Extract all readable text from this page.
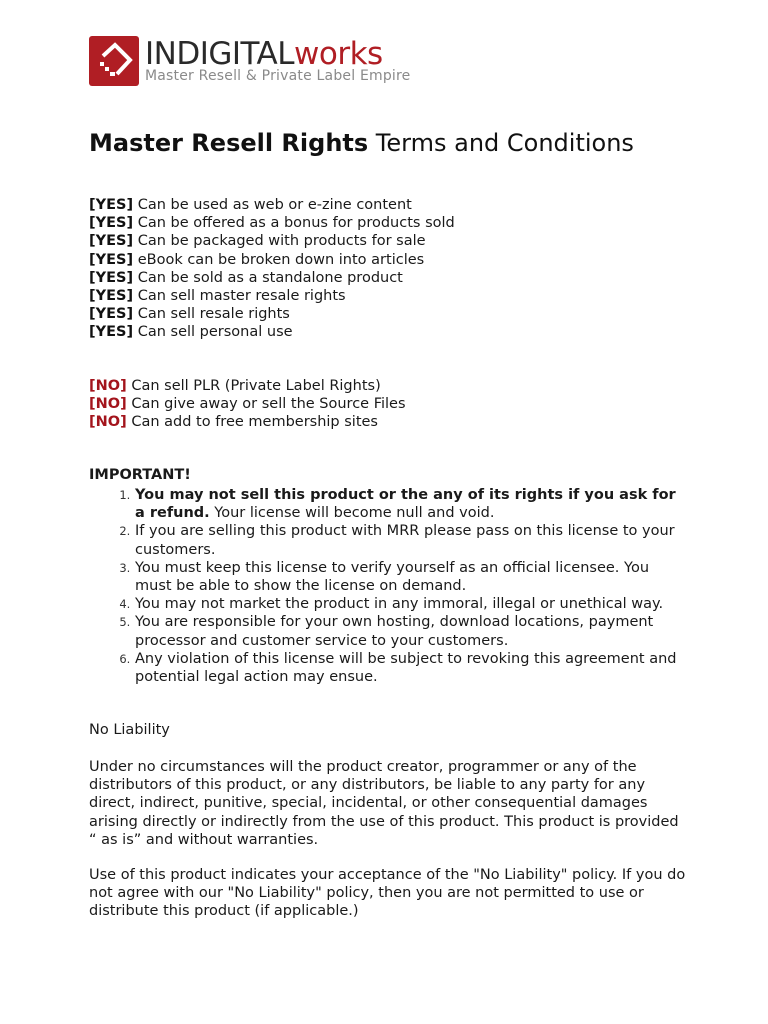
INDIGITALworks
Master Resell & Private Label Empire
Master Resell Rights Terms and Conditions
[YES] Can be used as web or e-zine content
[YES] Can be offered as a bonus for products sold
[YES] Can be packaged with products for sale
[YES] eBook can be broken down into articles
[YES] Can be sold as a standalone product
[YES] Can sell master resale rights
[YES] Can sell resale rights
[YES] Can sell personal use
[NO] Can sell PLR (Private Label Rights)
[NO] Can give away or sell the Source Files
[NO] Can add to free membership sites
IMPORTANT!
1. You may not sell this product or the any of its rights if you ask for a refund. Your license will become null and void.
2. If you are selling this product with MRR please pass on this license to your customers.
3. You must keep this license to verify yourself as an official licensee. You must be able to show the license on demand.
4. You may not market the product in any immoral, illegal or unethical way.
5. You are responsible for your own hosting, download locations, payment processor and customer service to your customers.
6. Any violation of this license will be subject to revoking this agreement and potential legal action may ensue.
No Liability
Under no circumstances will the product creator, programmer or any of the distributors of this product, or any distributors, be liable to any party for any direct, indirect, punitive, special, incidental, or other consequential damages arising directly or indirectly from the use of this product. This product is provided “ as is” and without warranties.
Use of this product indicates your acceptance of the "No Liability" policy. If you do not agree with our "No Liability" policy, then you are not permitted to use or distribute this product (if applicable.)
